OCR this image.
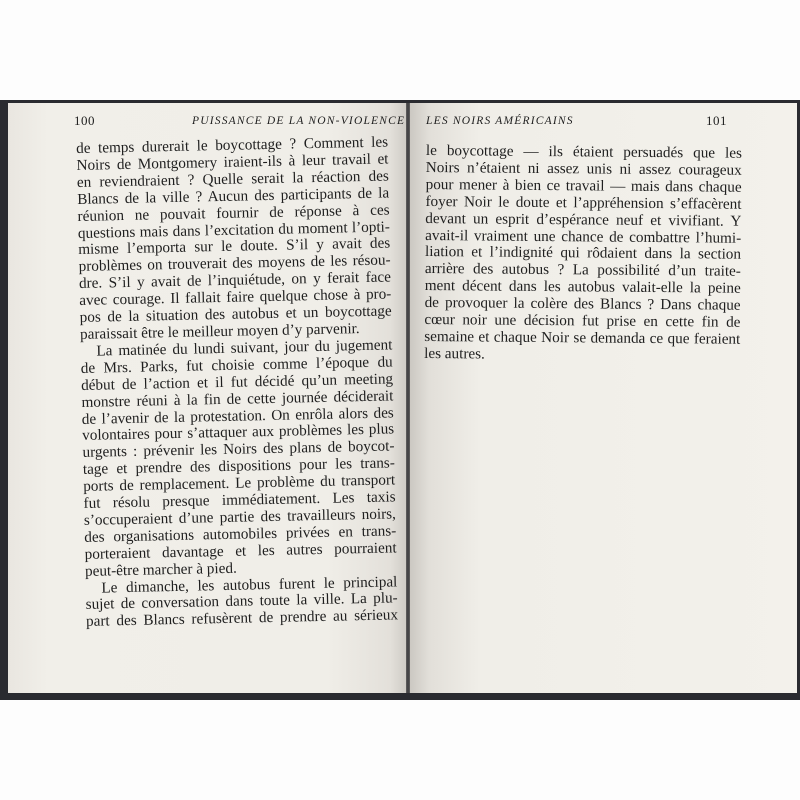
100	PUISSANCE DE LA NON-VIOLENCE
de temps durerait le boycottage ? Comment les
Noirs de Montgomery iraient-ils à leur travail et
en reviendraient ? Quelle serait la réaction des
Blancs de la ville ? Aucun des participants de la
réunion ne pouvait fournir de réponse à ces
questions mais dans l’excitation du moment l’opti-
misme l’emporta sur le doute. S’il y avait des
problèmes on trouverait des moyens de les résou-
dre. S’il y avait de l’inquiétude, on y ferait face
avec courage. Il fallait faire quelque chose à pro-
pos de la situation des autobus et un boycottage
paraissait être le meilleur moyen d’y parvenir.
La matinée du lundi suivant, jour du jugement
de Mrs. Parks, fut choisie comme l’époque du
début de l’action et il fut décidé qu’un meeting
monstre réuni à la fin de cette journée déciderait
de l’avenir de la protestation. On enrôla alors des
volontaires pour s’attaquer aux problèmes les plus
urgents : prévenir les Noirs des plans de boycot-
tage et prendre des dispositions pour les trans-
ports de remplacement. Le problème du transport
fut résolu presque immédiatement. Les taxis
s’occuperaient d’une partie des travailleurs noirs,
des organisations automobiles privées en trans-
porteraient davantage et les autres pourraient
peut-être marcher à pied.
Le dimanche, les autobus furent le principal
sujet de conversation dans toute la ville. La plu-
part des Blancs refusèrent de prendre au sérieux
LES NOIRS AMÉRICAINS	101
le boycottage — ils étaient persuadés que les
Noirs n’étaient ni assez unis ni assez courageux
pour mener à bien ce travail — mais dans chaque
foyer Noir le doute et l’appréhension s’effacèrent
devant un esprit d’espérance neuf et vivifiant. Y
avait-il vraiment une chance de combattre l’humi-
liation et l’indignité qui rôdaient dans la section
arrière des autobus ? La possibilité d’un traite-
ment décent dans les autobus valait-elle la peine
de provoquer la colère des Blancs ? Dans chaque
cœur noir une décision fut prise en cette fin de
semaine et chaque Noir se demanda ce que feraient
les autres.
